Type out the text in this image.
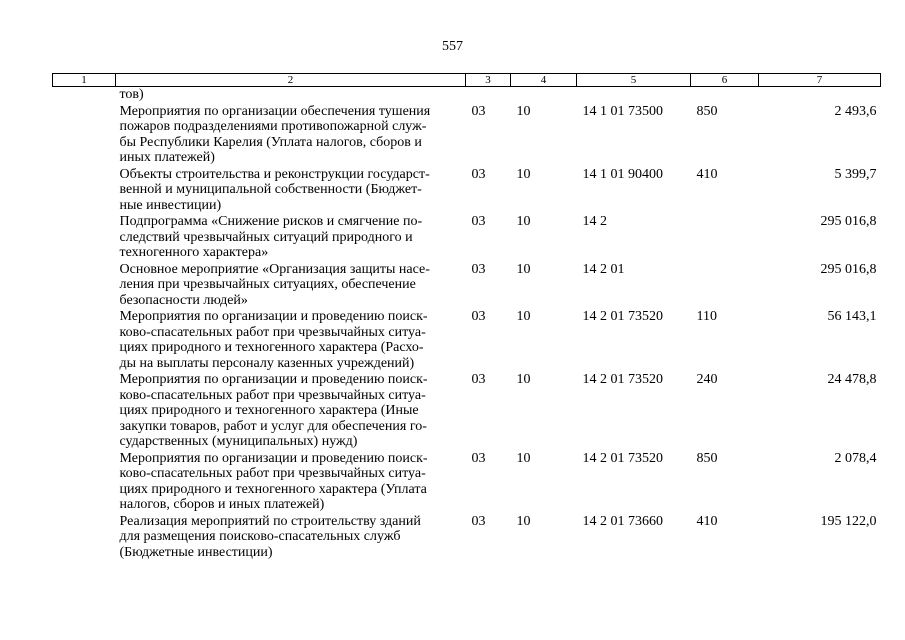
557
1	2	3	4	5	6	7

	тов)					

	Мероприятия по организации обеспечения тушения
пожаров подразделениями противопожарной служ-
бы Республики Карелия (Уплата налогов, сборов и
иных платежей)	03	10	14 1 01 73500	850	2 493,6

	Объекты строительства и реконструкции государст-
венной и муниципальной собственности (Бюджет-
ные инвестиции)	03	10	14 1 01 90400	410	5 399,7

	Подпрограмма «Снижение рисков и смягчение по-
следствий чрезвычайных ситуаций природного и
техногенного характера»	03	10	14 2		295 016,8

	Основное мероприятие «Организация защиты насе-
ления при чрезвычайных ситуациях, обеспечение
безопасности людей»	03	10	14 2 01		295 016,8

	Мероприятия по организации и проведению поиск-
ково-спасательных работ при чрезвычайных ситуа-
циях природного и техногенного характера (Расхо-
ды на выплаты персоналу казенных учреждений)	03	10	14 2 01 73520	110	56 143,1

	Мероприятия по организации и проведению поиск-
ково-спасательных работ при чрезвычайных ситуа-
циях природного и техногенного характера (Иные
закупки товаров, работ и услуг для обеспечения го-
сударственных (муниципальных) нужд)	03	10	14 2 01 73520	240	24 478,8

	Мероприятия по организации и проведению поиск-
ково-спасательных работ при чрезвычайных ситуа-
циях природного и техногенного характера (Уплата
налогов, сборов и иных платежей)	03	10	14 2 01 73520	850	2 078,4

	Реализация мероприятий по строительству зданий
для размещения поисково-спасательных служб
(Бюджетные инвестиции)	03	10	14 2 01 73660	410	195 122,0
